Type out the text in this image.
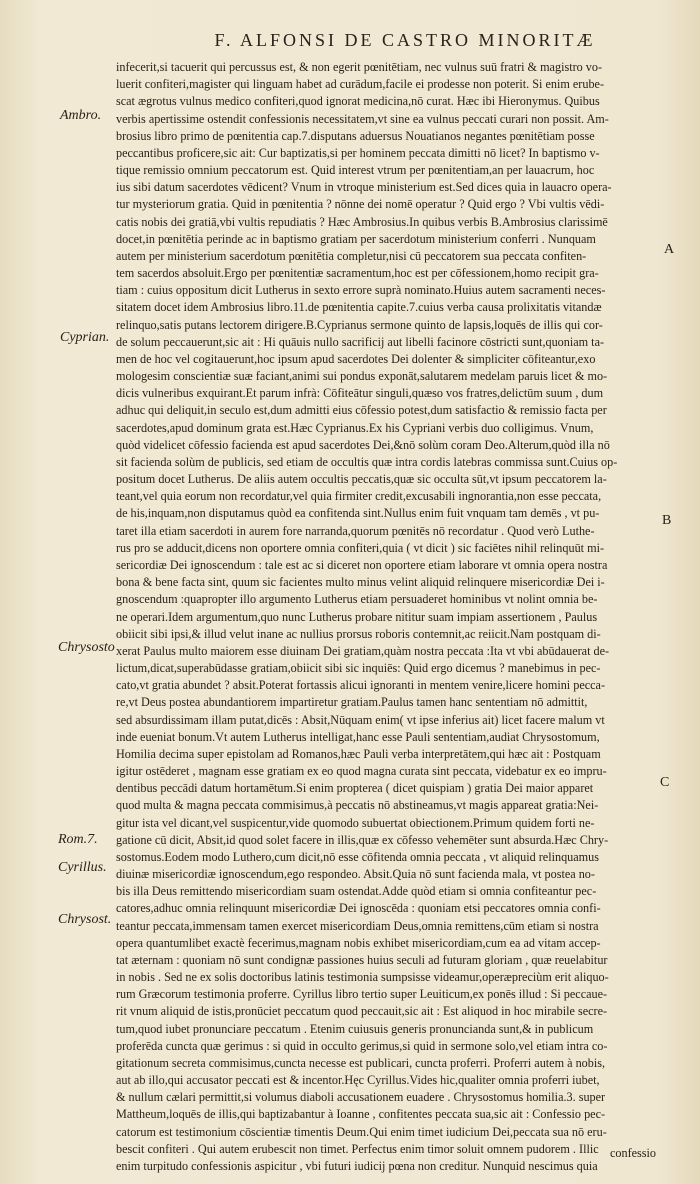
F. ALFONSI DE CASTRO MINORITÆ
Ambro.
Cyprian.
Chrysosto
Rom.7.
Cyrillus.
Chrysost.
A
B
C
infecerit,si tacuerit qui percussus est, & non egerit pœnitētiam, nec vulnus suū fratri & magistro vo-
luerit confiteri,magister qui linguam habet ad curādum,facile ei prodesse non poterit. Si enim erube-
scat ægrotus vulnus medico confiteri,quod ignorat medicina,nō curat. Hæc ibi Hieronymus. Quibus
verbis apertissime ostendit confessionis necessitatem,vt sine ea vulnus peccati curari non possit. Am-
brosius libro primo de pœnitentia cap.7.disputans aduersus Nouatianos negantes pœnitētiam posse
peccantibus proficere,sic ait: Cur baptizatis,si per hominem peccata dimitti nō licet? In baptismo v-
tique remissio omnium peccatorum est. Quid interest vtrum per pœnitentiam,an per lauacrum, hoc
ius sibi datum sacerdotes vēdicent? Vnum in vtroque ministerium est.Sed dices quia in lauacro opera-
tur mysteriorum gratia. Quid in pœnitentia ? nōnne dei nomē operatur ? Quid ergo ? Vbi vultis vēdi-
catis nobis dei gratiā,vbi vultis repudiatis ? Hæc Ambrosius.In quibus verbis B.Ambrosius clarissimē
docet,in pœnitētia perinde ac in baptismo gratiam per sacerdotum ministerium conferri . Nunquam
autem per ministerium sacerdotum pœnitētia completur,nisi cū peccatorem sua peccata confiten-
tem sacerdos absoluit.Ergo per pœnitentiæ sacramentum,hoc est per cōfessionem,homo recipit gra-
tiam : cuius oppositum dicit Lutherus in sexto errore suprà nominato.Huius autem sacramenti neces-
sitatem docet idem Ambrosius libro.11.de pœnitentia capite.7.cuius verba causa prolixitatis vitandæ
relinquo,satis putans lectorem dirigere.B.Cyprianus sermone quinto de lapsis,loquēs de illis qui cor-
de solum peccauerunt,sic ait : Hi quāuis nullo sacrificij aut libelli facinore cōstricti sunt,quoniam ta-
men de hoc vel cogitauerunt,hoc ipsum apud sacerdotes Dei dolenter & simpliciter cōfiteantur,exo
mologesim conscientiæ suæ faciant,animi sui pondus exponāt,salutarem medelam paruis licet & mo-
dicis vulneribus exquirant.Et parum infrà: Cōfiteātur singuli,quæso vos fratres,delictūm suum , dum
adhuc qui deliquit,in seculo est,dum admitti eius cōfessio potest,dum satisfactio & remissio facta per
sacerdotes,apud dominum grata est.Hæc Cyprianus.Ex his Cypriani verbis duo colligimus. Vnum,
quòd videlicet cōfessio facienda est apud sacerdotes Dei,&nō solùm coram Deo.Alterum,quòd illa nō
sit facienda solùm de publicis, sed etiam de occultis quæ intra cordis latebras commissa sunt.Cuius op-
positum docet Lutherus. De aliis autem occultis peccatis,quæ sic occulta sūt,vt ipsum peccatorem la-
teant,vel quia eorum non recordatur,vel quia firmiter credit,excusabili ingnorantia,non esse peccata,
de his,inquam,non disputamus quòd ea confitenda sint.Nullus enim fuit vnquam tam demēs , vt pu-
taret illa etiam sacerdoti in aurem fore narranda,quorum pœnitēs nō recordatur . Quod verò Luthe-
rus pro se adducit,dicens non oportere omnia confiteri,quia ( vt dicit ) sic faciētes nihil relinquūt mi-
sericordiæ Dei ignoscendum : tale est ac si diceret non oportere etiam laborare vt omnia opera nostra
bona & bene facta sint, quum sic facientes multo minus velint aliquid relinquere misericordiæ Dei i-
gnoscendum :quapropter illo argumento Lutherus etiam persuaderet hominibus vt nolint omnia be-
ne operari.Idem argumentum,quo nunc Lutherus probare nititur suam impiam assertionem , Paulus
obiicit sibi ipsi,& illud velut inane ac nullius prorsus roboris contemnit,ac reiicit.Nam postquam di-
xerat Paulus multo maiorem esse diuinam Dei gratiam,quàm nostra peccata :Ita vt vbi abūdauerat de-
lictum,dicat,superabūdasse gratiam,obiicit sibi sic inquiēs: Quid ergo dicemus ? manebimus in pec-
cato,vt gratia abundet ? absit.Poterat fortassis alicui ignoranti in mentem venire,licere homini pecca-
re,vt Deus postea abundantiorem impartiretur gratiam.Paulus tamen hanc sententiam nō admittit,
sed absurdissimam illam putat,dicēs : Absit,Nūquam enim( vt ipse inferius ait) licet facere malum vt
inde eueniat bonum.Vt autem Lutherus intelligat,hanc esse Pauli sententiam,audiat Chrysostomum,
Homilia decima super epistolam ad Romanos,hæc Pauli verba interpretātem,qui hæc ait : Postquam
igitur ostēderet , magnam esse gratiam ex eo quod magna curata sint peccata, videbatur ex eo impru-
dentibus peccādi datum hortamētum.Si enim propterea ( dicet quispiam ) gratia Dei maior apparet
quod multa & magna peccata commisimus,à peccatis nō abstineamus,vt magis appareat gratia:Nei-
gitur ista vel dicant,vel suspicentur,vide quomodo subuertat obiectionem.Primum quidem forti ne-
gatione cū dicit, Absit,id quod solet facere in illis,quæ ex cōfesso vehemēter sunt absurda.Hæc Chry-
sostomus.Eodem modo Luthero,cum dicit,nō esse cōfitenda omnia peccata , vt aliquid relinquamus
diuinæ misericordiæ ignoscendum,ego respondeo. Absit.Quia nō sunt facienda mala, vt postea no-
bis illa Deus remittendo misericordiam suam ostendat.Adde quòd etiam si omnia confiteantur pec-
catores,adhuc omnia relinquunt misericordiæ Dei ignoscēda : quoniam etsi peccatores omnia confi-
teantur peccata,immensam tamen exercet misericordiam Deus,omnia remittens,cūm etiam si nostra
opera quantumlibet exactè fecerimus,magnam nobis exhibet misericordiam,cum ea ad vitam accep-
tat æternam : quoniam nō sunt condignæ passiones huius seculi ad futuram gloriam , quæ reuelabitur
in nobis . Sed ne ex solis doctoribus latinis testimonia sumpsisse videamur,operæpreciùm erit aliquo-
rum Græcorum testimonia proferre. Cyrillus libro tertio super Leuiticum,ex ponēs illud : Si peccaue-
rit vnum aliquid de istis,pronūciet peccatum quod peccauit,sic ait : Est aliquod in hoc mirabile secre-
tum,quod iubet pronunciare peccatum . Etenim cuiusuis generis pronuncianda sunt,& in publicum
proferēda cuncta quæ gerimus : si quid in occulto gerimus,si quid in sermone solo,vel etiam intra co-
gitationum secreta commisimus,cuncta necesse est publicari, cuncta proferri. Proferri autem à nobis,
aut ab illo,qui accusator peccati est & incentor.Hęc Cyrillus.Vides hic,qualiter omnia proferri iubet,
& nullum cælari permittit,si volumus diaboli accusationem euadere . Chrysostomus homilia.3. super
Mattheum,loquēs de illis,qui baptizabantur à Ioanne , confitentes peccata sua,sic ait : Confessio pec-
catorum est testimonium cōscientiæ timentis Deum.Qui enim timet iudicium Dei,peccata sua nō eru-
bescit confiteri . Qui autem erubescit non timet. Perfectus enim timor soluit omnem pudorem . Illic
enim turpitudo confessionis aspicitur , vbi futuri iudicij pœna non creditur. Nunquid nescimus quia
confessio
